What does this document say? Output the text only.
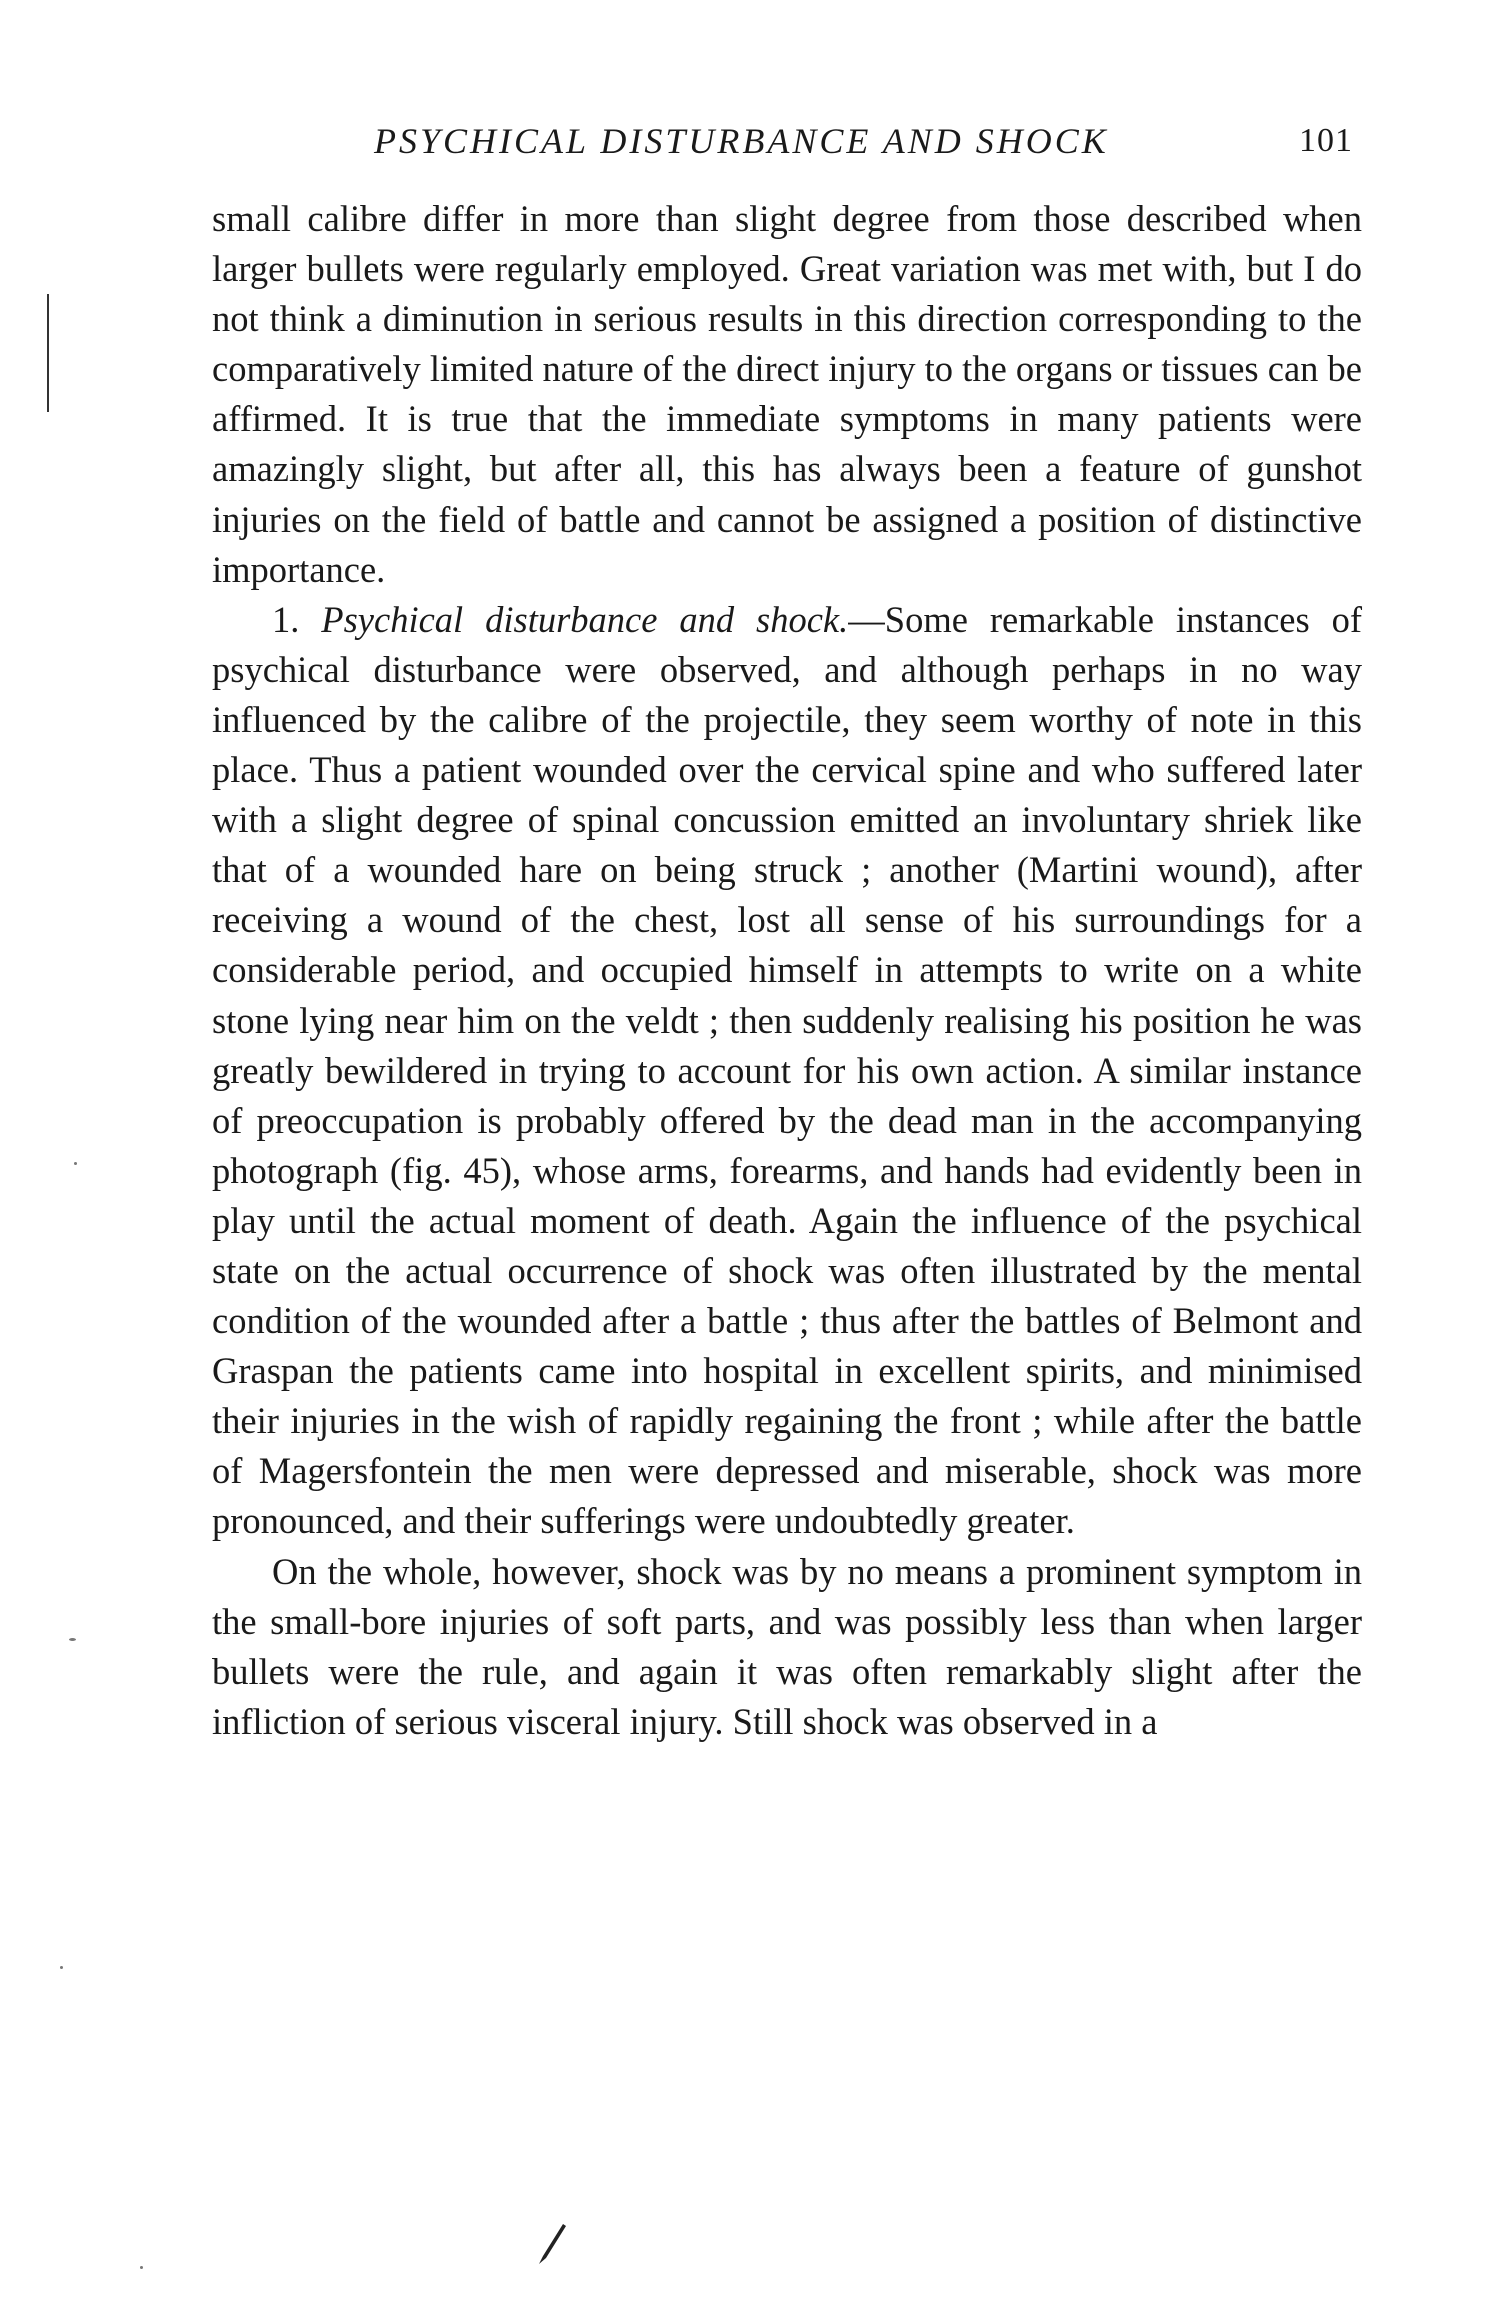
PSYCHICAL DISTURBANCE AND SHOCK	101

small calibre differ in more than slight degree from those described when larger bullets were regularly employed. Great variation was met with, but I do not think a diminution in serious results in this direction corresponding to the comparatively limited nature of the direct injury to the organs or tissues can be affirmed. It is true that the immediate symptoms in many patients were amazingly slight, but after all, this has always been a feature of gunshot injuries on the field of battle and cannot be assigned a position of distinctive importance.

1. Psychical disturbance and shock.—Some remarkable instances of psychical disturbance were observed, and although perhaps in no way influenced by the calibre of the projectile, they seem worthy of note in this place. Thus a patient wounded over the cervical spine and who suffered later with a slight degree of spinal concussion emitted an involuntary shriek like that of a wounded hare on being struck ; another (Martini wound), after receiving a wound of the chest, lost all sense of his surroundings for a considerable period, and occupied himself in attempts to write on a white stone lying near him on the veldt ; then suddenly realising his position he was greatly bewildered in trying to account for his own action. A similar instance of preoccupation is probably offered by the dead man in the accompanying photograph (fig. 45), whose arms, forearms, and hands had evidently been in play until the actual moment of death. Again the influence of the psychical state on the actual occurrence of shock was often illustrated by the mental condition of the wounded after a battle ; thus after the battles of Belmont and Graspan the patients came into hospital in excellent spirits, and minimised their injuries in the wish of rapidly regaining the front ; while after the battle of Magersfontein the men were depressed and miserable, shock was more pronounced, and their sufferings were undoubtedly greater.

On the whole, however, shock was by no means a prominent symptom in the small-bore injuries of soft parts, and was possibly less than when larger bullets were the rule, and again it was often remarkably slight after the infliction of serious visceral injury. Still shock was observed in a
